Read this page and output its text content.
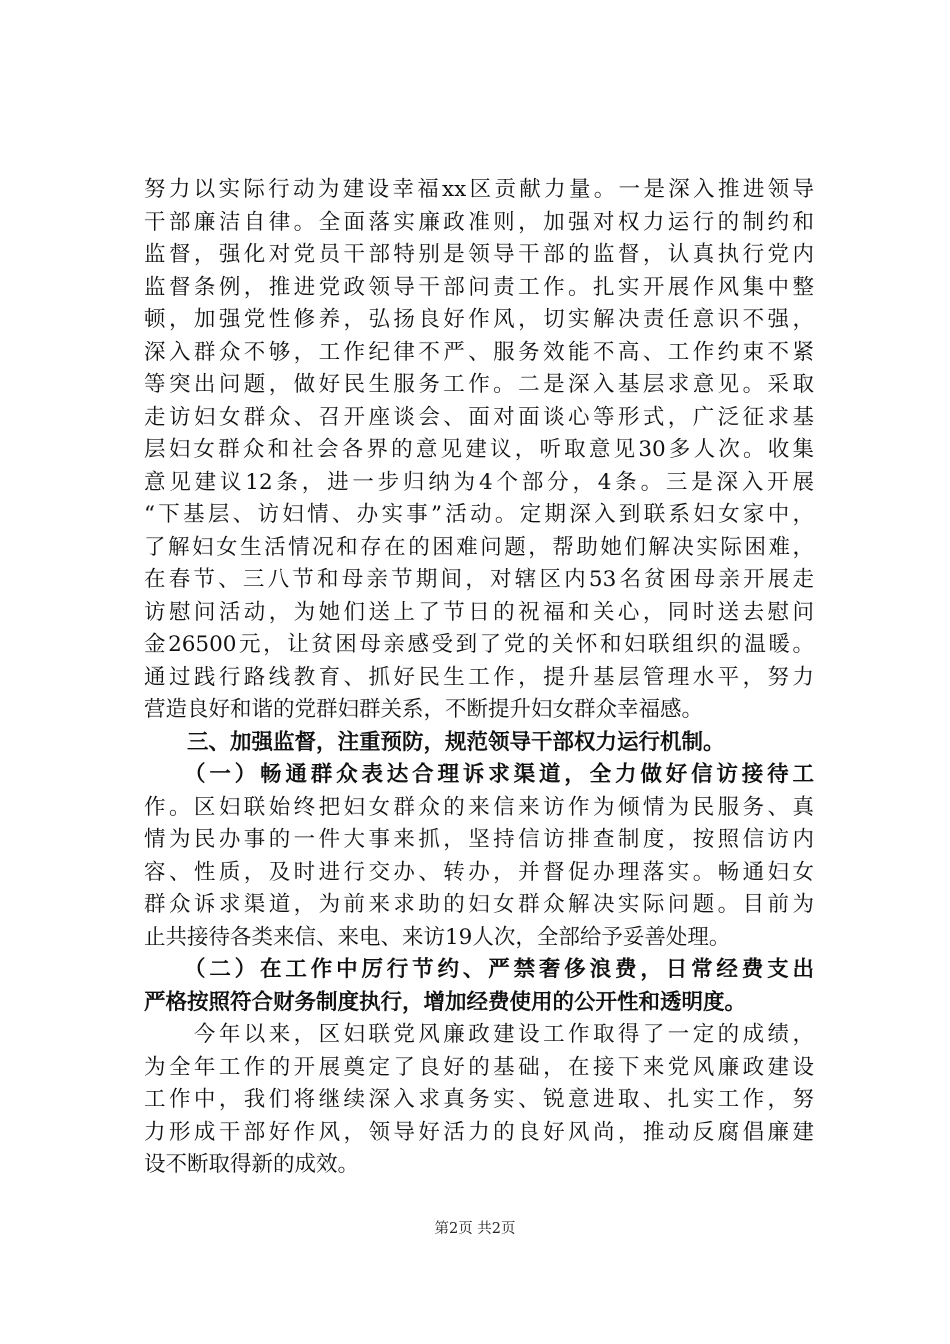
努力以实际行动为建设幸福xx区贡献力量。一是深入推进领导
干部廉洁自律。全面落实廉政准则，加强对权力运行的制约和
监督，强化对党员干部特别是领导干部的监督，认真执行党内
监督条例，推进党政领导干部问责工作。扎实开展作风集中整
顿，加强党性修养，弘扬良好作风，切实解决责任意识不强，
深入群众不够，工作纪律不严、服务效能不高、工作约束不紧
等突出问题，做好民生服务工作。二是深入基层求意见。采取
走访妇女群众、召开座谈会、面对面谈心等形式，广泛征求基
层妇女群众和社会各界的意见建议，听取意见30多人次。收集
意见建议12条，进一步归纳为4个部分，4条。三是深入开展
“下基层、访妇情、办实事”活动。定期深入到联系妇女家中，
了解妇女生活情况和存在的困难问题，帮助她们解决实际困难，
在春节、三八节和母亲节期间，对辖区内53名贫困母亲开展走
访慰问活动，为她们送上了节日的祝福和关心，同时送去慰问
金26500元，让贫困母亲感受到了党的关怀和妇联组织的温暖。
通过践行路线教育、抓好民生工作，提升基层管理水平，努力
营造良好和谐的党群妇群关系，不断提升妇女群众幸福感。
　　三、加强监督，注重预防，规范领导干部权力运行机制。
　　（一）畅通群众表达合理诉求渠道，全力做好信访接待工
作。区妇联始终把妇女群众的来信来访作为倾情为民服务、真
情为民办事的一件大事来抓，坚持信访排查制度，按照信访内
容、性质，及时进行交办、转办，并督促办理落实。畅通妇女
群众诉求渠道，为前来求助的妇女群众解决实际问题。目前为
止共接待各类来信、来电、来访19人次，全部给予妥善处理。
　　（二）在工作中厉行节约、严禁奢侈浪费，日常经费支出
严格按照符合财务制度执行，增加经费使用的公开性和透明度。
　　今年以来，区妇联党风廉政建设工作取得了一定的成绩，
为全年工作的开展奠定了良好的基础，在接下来党风廉政建设
工作中，我们将继续深入求真务实、锐意进取、扎实工作，努
力形成干部好作风，领导好活力的良好风尚，推动反腐倡廉建
设不断取得新的成效。
第2页 共2页
